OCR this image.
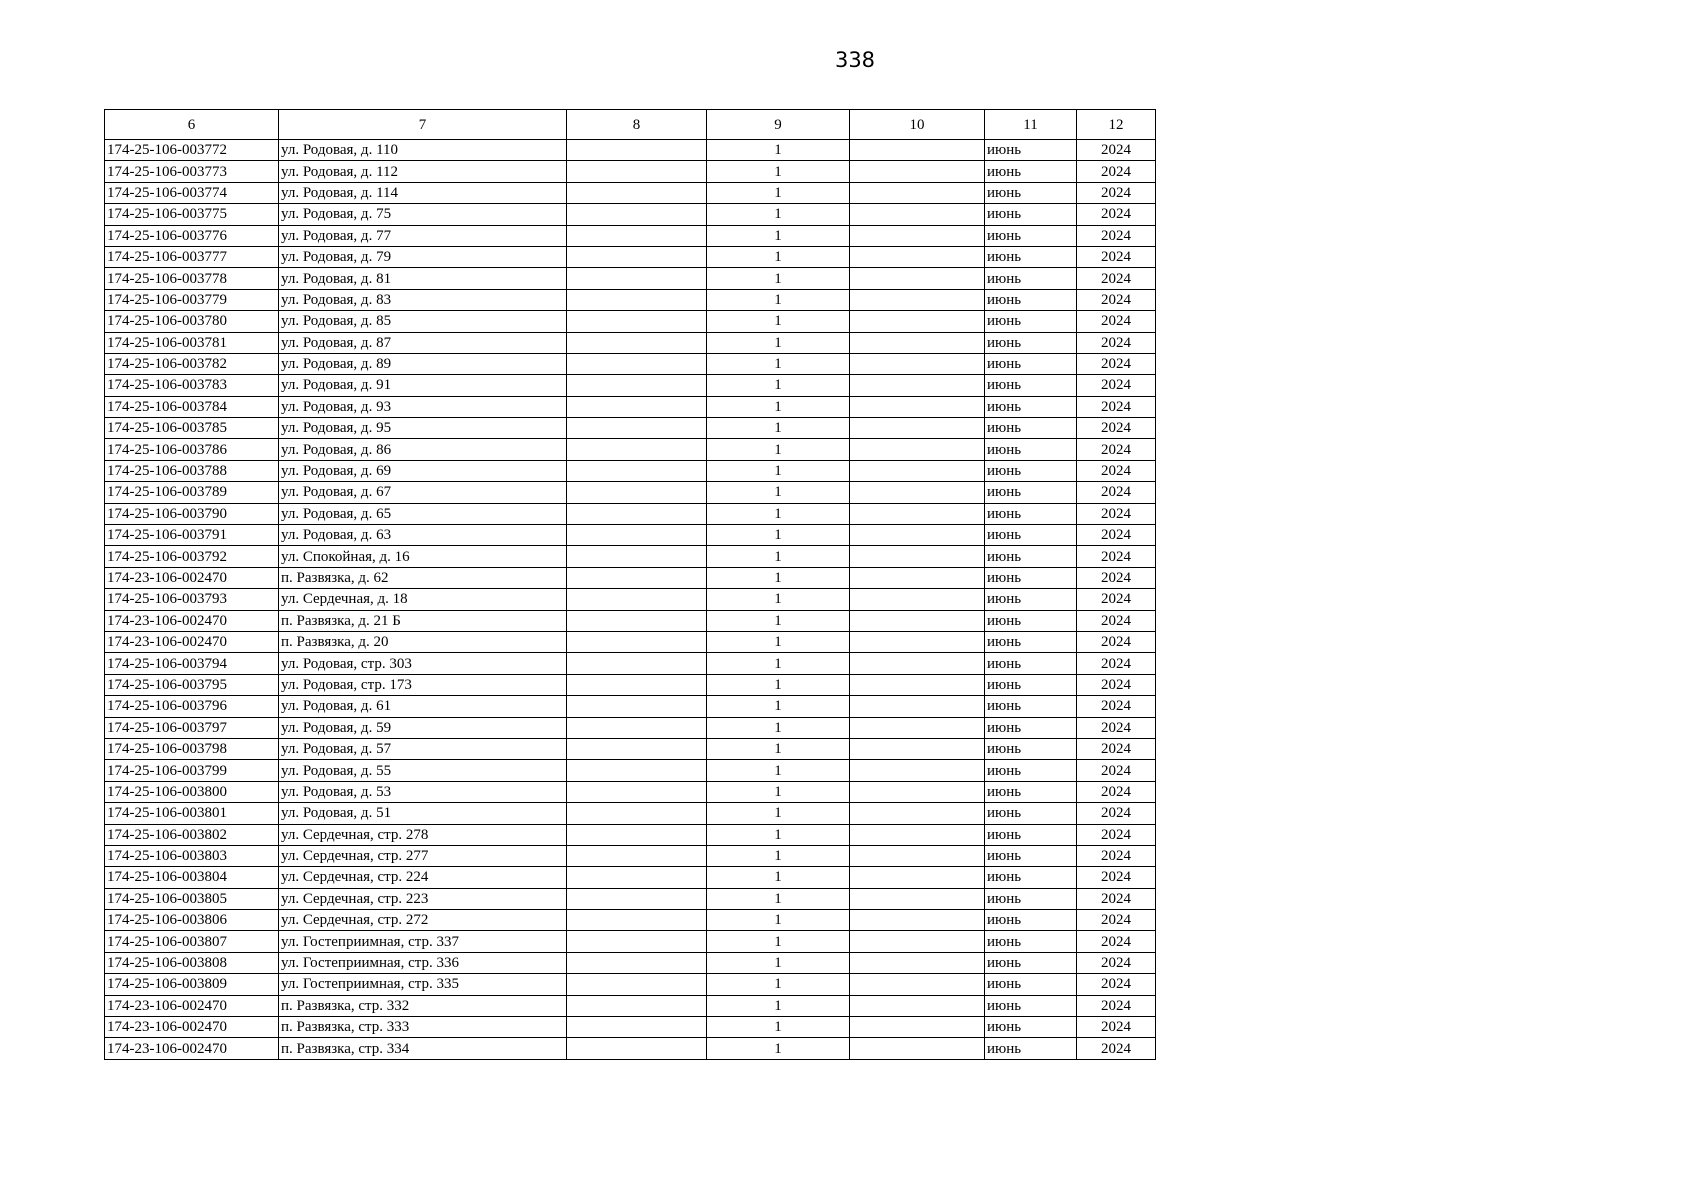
338
6	7	8	9	10	11	12
174-25-106-003772	ул. Родовая, д. 110		1		июнь	2024
174-25-106-003773	ул. Родовая, д. 112		1		июнь	2024
174-25-106-003774	ул. Родовая, д. 114		1		июнь	2024
174-25-106-003775	ул. Родовая, д. 75		1		июнь	2024
174-25-106-003776	ул. Родовая, д. 77		1		июнь	2024
174-25-106-003777	ул. Родовая, д. 79		1		июнь	2024
174-25-106-003778	ул. Родовая, д. 81		1		июнь	2024
174-25-106-003779	ул. Родовая, д. 83		1		июнь	2024
174-25-106-003780	ул. Родовая, д. 85		1		июнь	2024
174-25-106-003781	ул. Родовая, д. 87		1		июнь	2024
174-25-106-003782	ул. Родовая, д. 89		1		июнь	2024
174-25-106-003783	ул. Родовая, д. 91		1		июнь	2024
174-25-106-003784	ул. Родовая, д. 93		1		июнь	2024
174-25-106-003785	ул. Родовая, д. 95		1		июнь	2024
174-25-106-003786	ул. Родовая, д. 86		1		июнь	2024
174-25-106-003788	ул. Родовая, д. 69		1		июнь	2024
174-25-106-003789	ул. Родовая, д. 67		1		июнь	2024
174-25-106-003790	ул. Родовая, д. 65		1		июнь	2024
174-25-106-003791	ул. Родовая, д. 63		1		июнь	2024
174-25-106-003792	ул. Спокойная, д. 16		1		июнь	2024
174-23-106-002470	п. Развязка, д. 62		1		июнь	2024
174-25-106-003793	ул. Сердечная, д. 18		1		июнь	2024
174-23-106-002470	п. Развязка, д. 21 Б		1		июнь	2024
174-23-106-002470	п. Развязка, д. 20		1		июнь	2024
174-25-106-003794	ул. Родовая, стр. 303		1		июнь	2024
174-25-106-003795	ул. Родовая, стр. 173		1		июнь	2024
174-25-106-003796	ул. Родовая, д. 61		1		июнь	2024
174-25-106-003797	ул. Родовая, д. 59		1		июнь	2024
174-25-106-003798	ул. Родовая, д. 57		1		июнь	2024
174-25-106-003799	ул. Родовая, д. 55		1		июнь	2024
174-25-106-003800	ул. Родовая, д. 53		1		июнь	2024
174-25-106-003801	ул. Родовая, д. 51		1		июнь	2024
174-25-106-003802	ул. Сердечная, стр. 278		1		июнь	2024
174-25-106-003803	ул. Сердечная, стр. 277		1		июнь	2024
174-25-106-003804	ул. Сердечная, стр. 224		1		июнь	2024
174-25-106-003805	ул. Сердечная, стр. 223		1		июнь	2024
174-25-106-003806	ул. Сердечная, стр. 272		1		июнь	2024
174-25-106-003807	ул. Гостеприимная, стр. 337		1		июнь	2024
174-25-106-003808	ул. Гостеприимная, стр. 336		1		июнь	2024
174-25-106-003809	ул. Гостеприимная, стр. 335		1		июнь	2024
174-23-106-002470	п. Развязка, стр. 332		1		июнь	2024
174-23-106-002470	п. Развязка, стр. 333		1		июнь	2024
174-23-106-002470	п. Развязка, стр. 334		1		июнь	2024
